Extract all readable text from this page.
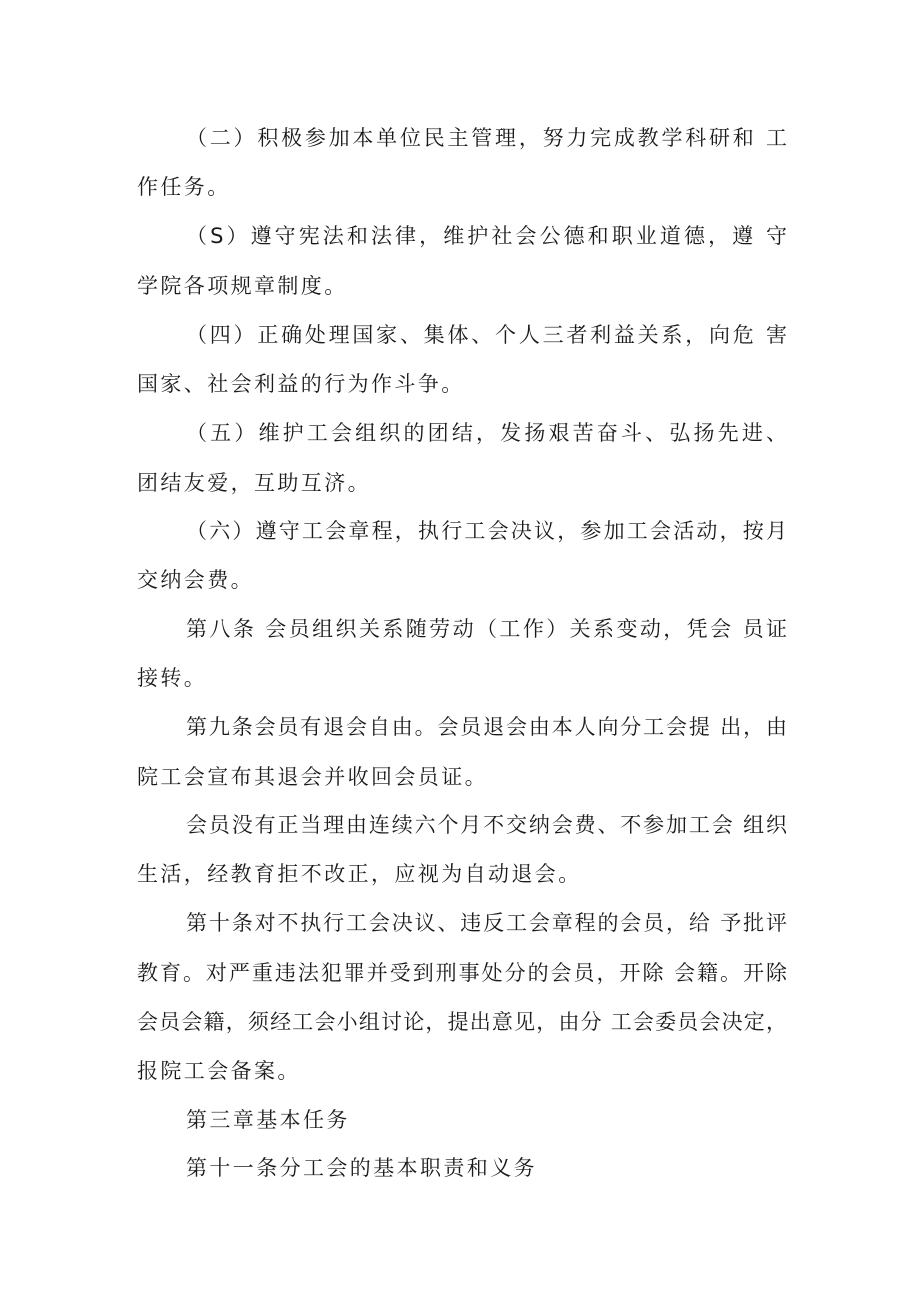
（二）积极参加本单位民主管理，努力完成教学科研和 工
作任务。
（S）遵守宪法和法律，维护社会公德和职业道德，遵 守
学院各项规章制度。
（四）正确处理国家、集体、个人三者利益关系，向危 害
国家、社会利益的行为作斗争。
（五）维护工会组织的团结，发扬艰苦奋斗、弘扬先进、
团结友爱，互助互济。
（六）遵守工会章程，执行工会决议，参加工会活动，按月
交纳会费。
第八条 会员组织关系随劳动（工作）关系变动，凭会 员证
接转。
第九条会员有退会自由。会员退会由本人向分工会提 出，由
院工会宣布其退会并收回会员证。
会员没有正当理由连续六个月不交纳会费、不参加工会 组织
生活，经教育拒不改正，应视为自动退会。
第十条对不执行工会决议、违反工会章程的会员，给 予批评
教育。对严重违法犯罪并受到刑事处分的会员，开除 会籍。开除
会员会籍，须经工会小组讨论，提出意见，由分 工会委员会决定，
报院工会备案。
第三章基本任务
第十一条分工会的基本职责和义务
